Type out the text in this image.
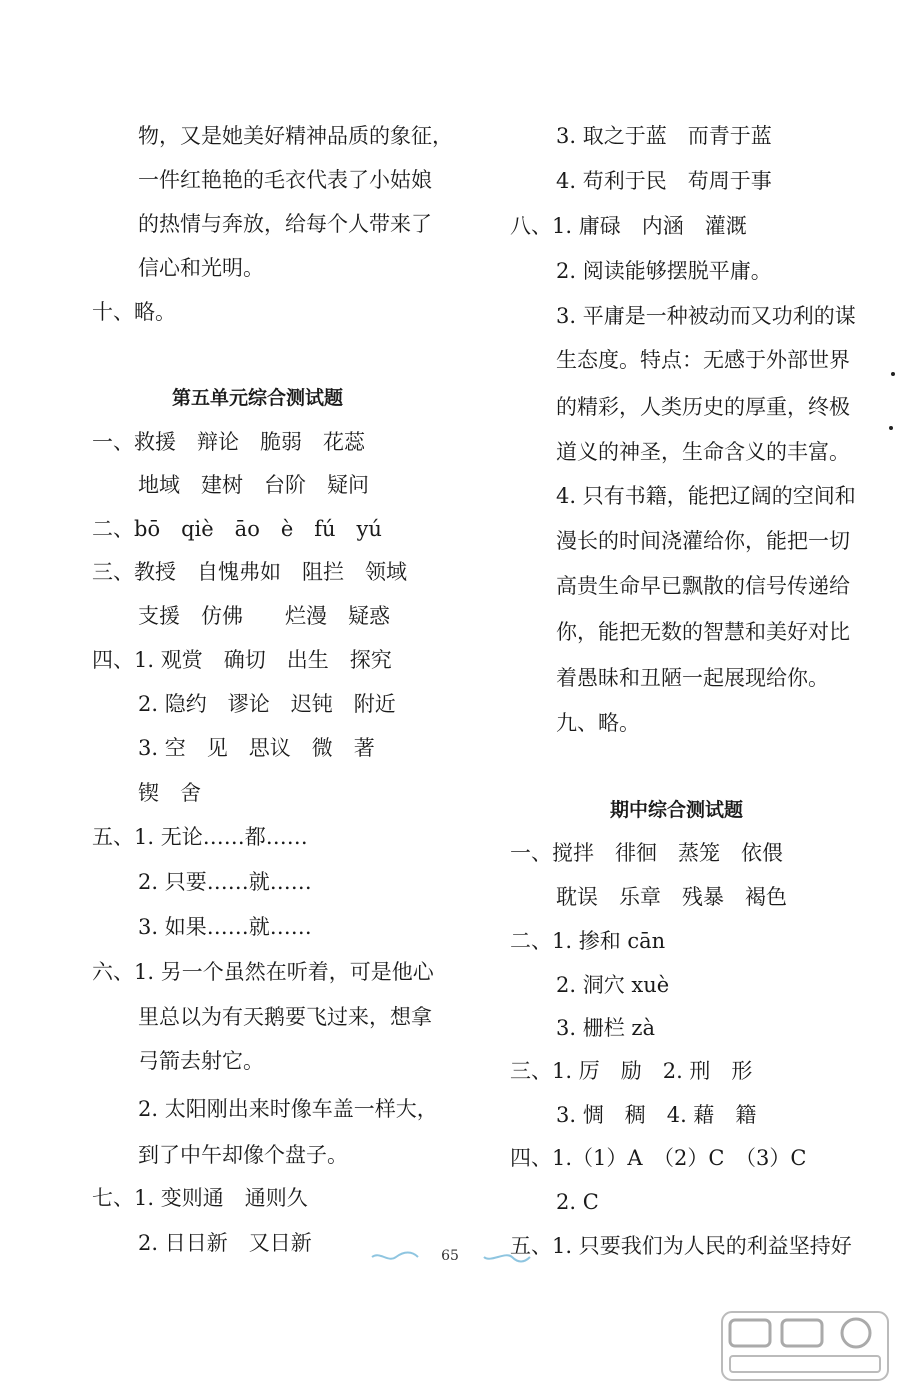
物，又是她美好精神品质的象征，
一件红艳艳的毛衣代表了小姑娘
的热情与奔放，给每个人带来了
信心和光明。
十、略。
第五单元综合测试题
一、救援　辩论　脆弱　花蕊
地域　建树　台阶　疑问
二、bō　qiè　āo　è　fú　yú
三、教授　自愧弗如　阻拦　领域
支援　仿佛　　烂漫　疑惑
四、1. 观赏　确切　出生　探究
2. 隐约　谬论　迟钝　附近
3. 空　见　思议　微　著
锲　舍
五、1. 无论……都……
2. 只要……就……
3. 如果……就……
六、1. 另一个虽然在听着，可是他心
里总以为有天鹅要飞过来，想拿
弓箭去射它。
2. 太阳刚出来时像车盖一样大，
到了中午却像个盘子。
七、1. 变则通　通则久
2. 日日新　又日新
3. 取之于蓝　而青于蓝
4. 苟利于民　苟周于事
八、1. 庸碌　内涵　灌溉
2. 阅读能够摆脱平庸。
3. 平庸是一种被动而又功利的谋
生态度。特点：无感于外部世界
的精彩，人类历史的厚重，终极
道义的神圣，生命含义的丰富。
4. 只有书籍，能把辽阔的空间和
漫长的时间浇灌给你，能把一切
高贵生命早已飘散的信号传递给
你，能把无数的智慧和美好对比
着愚昧和丑陋一起展现给你。
九、略。
期中综合测试题
一、搅拌　徘徊　蒸笼　依偎
耽误　乐章　残暴　褐色
二、1. 掺和 cān
2. 洞穴 xuè
3. 栅栏 zà
三、1. 厉　励　2. 刑　形
3. 惆　稠　4. 藉　籍
四、1.（1）A　（2）C　（3）C
2. C
五、1. 只要我们为人民的利益坚持好
65
